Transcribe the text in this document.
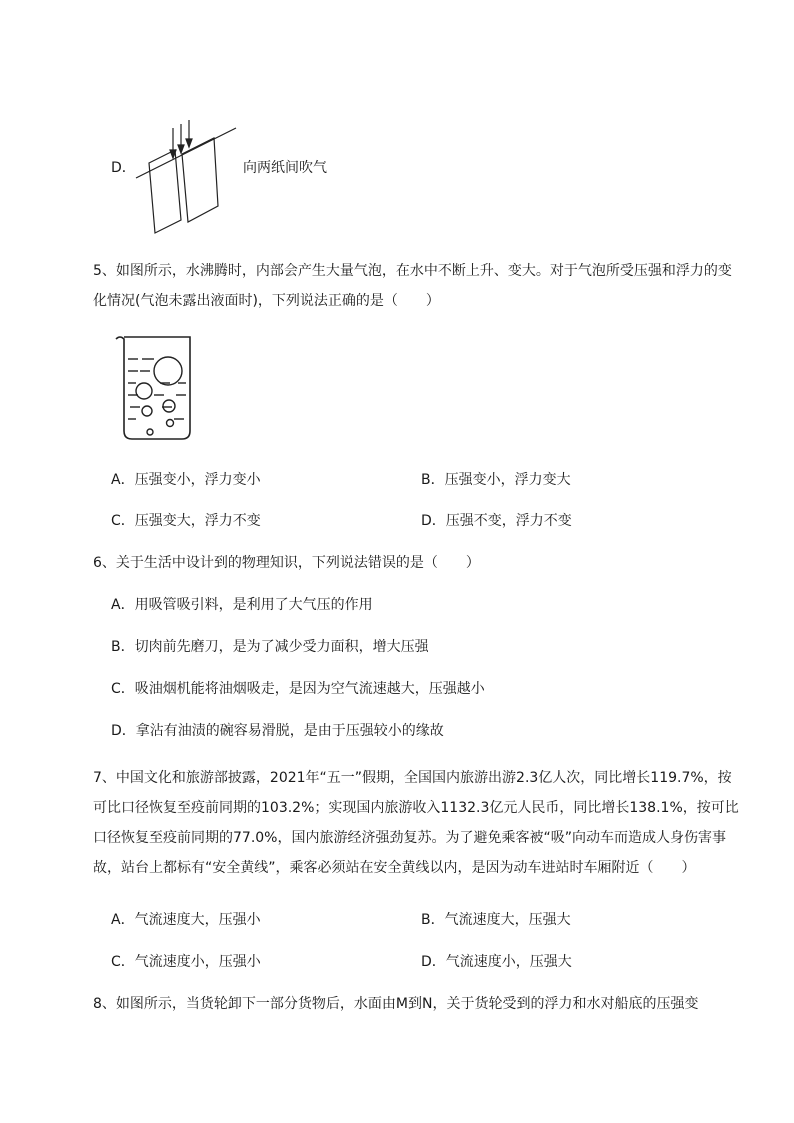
D．	向两纸间吹气
5、如图所示，水沸腾时，内部会产生大量气泡，在水中不断上升、变大。对于气泡所受压强和浮力的变化情况(气泡未露出液面时)，下列说法正确的是（　　）
A．压强变小，浮力变小	B．压强变小，浮力变大
C．压强变大，浮力不变	D．压强不变，浮力不变
6、关于生活中设计到的物理知识，下列说法错误的是（　　）
A．用吸管吸引料，是利用了大气压的作用
B．切肉前先磨刀，是为了减少受力面积，增大压强
C．吸油烟机能将油烟吸走，是因为空气流速越大，压强越小
D．拿沾有油渍的碗容易滑脱，是由于压强较小的缘故
7、中国文化和旅游部披露，2021年“五一”假期，全国国内旅游出游2.3亿人次，同比增长119.7%，按可比口径恢复至疫前同期的103.2%；实现国内旅游收入1132.3亿元人民币，同比增长138.1%，按可比口径恢复至疫前同期的77.0%，国内旅游经济强劲复苏。为了避免乘客被“吸”向动车而造成人身伤害事故，站台上都标有“安全黄线”，乘客必须站在安全黄线以内，是因为动车进站时车厢附近（　　）
A．气流速度大，压强小	B．气流速度大，压强大
C．气流速度小，压强小	D．气流速度小，压强大
8、如图所示，当货轮卸下一部分货物后，水面由M到N，关于货轮受到的浮力和水对船底的压强变
